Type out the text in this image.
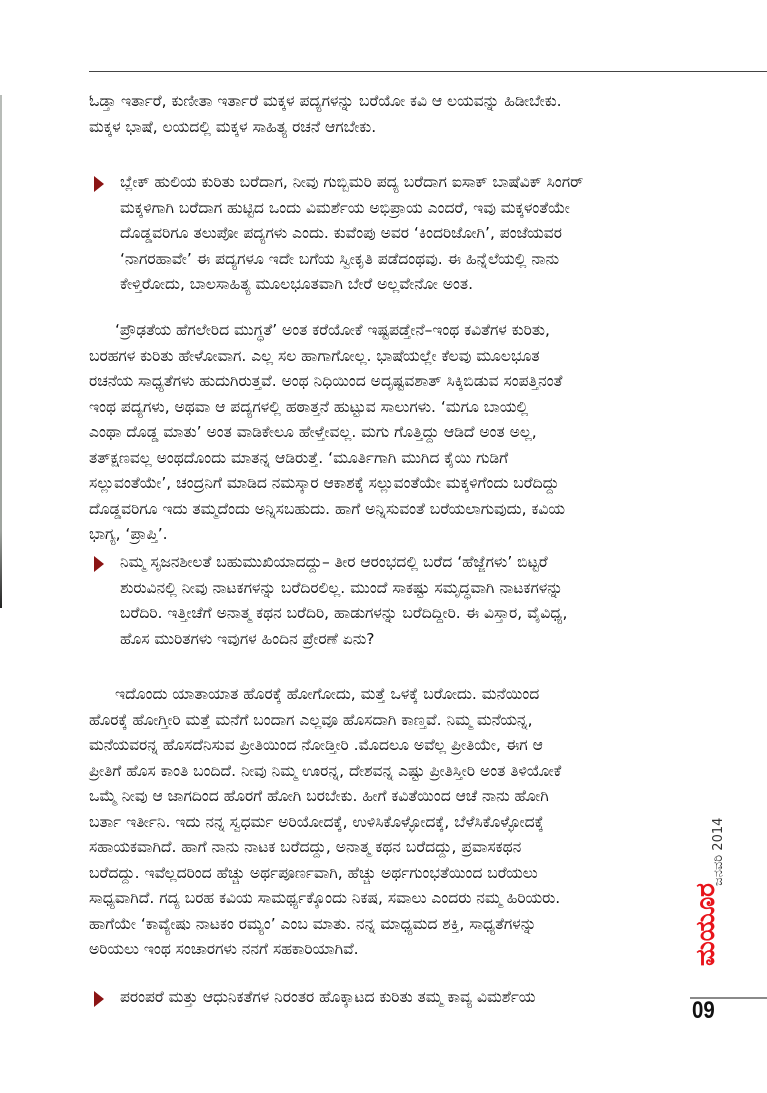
ಓಡ್ತಾ ಇರ್ತಾರೆ, ಕುಣೀತಾ ಇರ್ತಾರೆ ಮಕ್ಕಳ ಪದ್ಯಗಳನ್ನು ಬರೆಯೋ ಕವಿ ಆ ಲಯವನ್ನು ಹಿಡೀಬೇಕು.
ಮಕ್ಕಳ ಭಾಷೆ, ಲಯದಲ್ಲಿ ಮಕ್ಕಳ ಸಾಹಿತ್ಯ ರಚನೆ ಆಗಬೇಕು.

ಬ್ಲೇಕ್ ಹುಲಿಯ ಕುರಿತು ಬರೆದಾಗ, ನೀವು ಗುಬ್ಬಿಮರಿ ಪದ್ಯ ಬರೆದಾಗ ಐಸಾಕ್ ಬಾಷೆವಿಕ್ ಸಿಂಗರ್
ಮಕ್ಕಳಿಗಾಗಿ ಬರೆದಾಗ ಹುಟ್ಟಿದ ಒಂದು ವಿಮರ್ಶೆಯ ಅಭಿಪ್ರಾಯ ಎಂದರೆ, ಇವು ಮಕ್ಕಳಂತೆಯೇ
ದೊಡ್ಡವರಿಗೂ ತಲುಪೋ ಪದ್ಯಗಳು ಎಂದು. ಕುವೆಂಪು ಅವರ ‘ಕಿಂದರಿಜೋಗಿ’, ಪಂಜೆಯವರ
‘ನಾಗರಹಾವೇ’ ಈ ಪದ್ಯಗಳೂ ಇದೇ ಬಗೆಯ ಸ್ವೀಕೃತಿ ಪಡೆದಂಥವು. ಈ ಹಿನ್ನೆಲೆಯಲ್ಲಿ ನಾನು
ಕೇಳ್ತಿರೋದು, ಬಾಲಸಾಹಿತ್ಯ ಮೂಲಭೂತವಾಗಿ ಬೇರೆ ಅಲ್ಲವೇನೋ ಅಂತ.

‘ಪ್ರೌಢತೆಯ ಹೆಗಲೇರಿದ ಮುಗ್ಧತೆ’ ಅಂತ ಕರೆಯೋಕೆ ಇಷ್ಟಪಡ್ತೇನೆ–ಇಂಥ ಕವಿತೆಗಳ ಕುರಿತು,
ಬರಹಗಳ ಕುರಿತು ಹೇಳೋವಾಗ. ಎಲ್ಲ ಸಲ ಹಾಗಾಗೋಲ್ಲ. ಭಾಷೆಯಲ್ಲೇ ಕೆಲವು ಮೂಲಭೂತ
ರಚನೆಯ ಸಾಧ್ಯತೆಗಳು ಹುದುಗಿರುತ್ತವೆ. ಅಂಥ ನಿಧಿಯಿಂದ ಅದೃಷ್ಟವಶಾತ್ ಸಿಕ್ಕಿಬಿಡುವ ಸಂಪತ್ತಿನಂತೆ
ಇಂಥ ಪದ್ಯಗಳು, ಅಥವಾ ಆ ಪದ್ಯಗಳಲ್ಲಿ ಹಠಾತ್ತನೆ ಹುಟ್ಟುವ ಸಾಲುಗಳು. ‘ಮಗೂ ಬಾಯಲ್ಲಿ
ಎಂಥಾ ದೊಡ್ಡ ಮಾತು’ ಅಂತ ವಾಡಿಕೇಲೂ ಹೇಳ್ತೇವಲ್ಲ. ಮಗು ಗೊತ್ತಿದ್ದು ಆಡಿದೆ ಅಂತ ಅಲ್ಲ,
ತತ್‍ಕ್ಷಣವಲ್ಲ ಅಂಥದೊಂದು ಮಾತನ್ನ ಆಡಿರುತ್ತೆ. ‘ಮೂರ್ತಿಗಾಗಿ ಮುಗಿದ ಕೈಯಿ ಗುಡಿಗೆ
ಸಲ್ಲುವಂತೆಯೇ’, ಚಂದ್ರನಿಗೆ ಮಾಡಿದ ನಮಸ್ಕಾರ ಆಕಾಶಕ್ಕೆ ಸಲ್ಲುವಂತೆಯೇ ಮಕ್ಕಳಿಗೆಂದು ಬರೆದಿದ್ದು
ದೊಡ್ಡವರಿಗೂ ಇದು ತಮ್ಮದೆಂದು ಅನ್ನಿಸಬಹುದು. ಹಾಗೆ ಅನ್ನಿಸುವಂತೆ ಬರೆಯಲಾಗುವುದು, ಕವಿಯ
ಭಾಗ್ಯ, ‘ಪ್ರಾಪ್ತಿ’.

ನಿಮ್ಮ ಸೃಜನಶೀಲತೆ ಬಹುಮುಖಿಯಾದದ್ದು– ತೀರ ಆರಂಭದಲ್ಲಿ ಬರೆದ ‘ಹೆಜ್ಜೆಗಳು’ ಬಿಟ್ಟರೆ
ಶುರುವಿನಲ್ಲಿ ನೀವು ನಾಟಕಗಳನ್ನು ಬರೆದಿರಲಿಲ್ಲ. ಮುಂದೆ ಸಾಕಷ್ಟು ಸಮೃದ್ಧವಾಗಿ ನಾಟಕಗಳನ್ನು
ಬರೆದಿರಿ. ಇತ್ತೀಚೆಗೆ ಅನಾತ್ಮ ಕಥನ ಬರೆದಿರಿ, ಹಾಡುಗಳನ್ನು ಬರೆದಿದ್ದೀರಿ. ಈ ವಿಸ್ತಾರ, ವೈವಿಧ್ಯ,
ಹೊಸ ಮುರಿತಗಳು ಇವುಗಳ ಹಿಂದಿನ ಪ್ರೇರಣೆ ಏನು?

ಇದೊಂದು ಯಾತಾಯಾತ ಹೊರಕ್ಕೆ ಹೋಗೋದು, ಮತ್ತೆ ಒಳಕ್ಕೆ ಬರೋದು. ಮನೆಯಿಂದ
ಹೊರಕ್ಕೆ ಹೋಗ್ತೀರಿ ಮತ್ತೆ ಮನೆಗೆ ಬಂದಾಗ ಎಲ್ಲವೂ ಹೊಸದಾಗಿ ಕಾಣ್ತವೆ. ನಿಮ್ಮ ಮನೆಯನ್ನ,
ಮನೆಯವರನ್ನ ಹೊಸದೆನಿಸುವ ಪ್ರೀತಿಯಿಂದ ನೋಡ್ತೀರಿ .ಮೊದಲೂ ಅವೆಲ್ಲ ಪ್ರೀತಿಯೇ, ಈಗ ಆ
ಪ್ರೀತಿಗೆ ಹೊಸ ಕಾಂತಿ ಬಂದಿದೆ. ನೀವು ನಿಮ್ಮ ಊರನ್ನ, ದೇಶವನ್ನ ಎಷ್ಟು ಪ್ರೀತಿಸ್ತೀರಿ ಅಂತ ತಿಳಿಯೋಕೆ
ಒಮ್ಮೆ ನೀವು ಆ ಜಾಗದಿಂದ ಹೊರಗೆ ಹೋಗಿ ಬರಬೇಕು. ಹೀಗೆ ಕವಿತೆಯಿಂದ ಆಚೆ ನಾನು ಹೋಗಿ
ಬರ್ತಾ ಇರ್ತೀನಿ. ಇದು ನನ್ನ ಸ್ವಧರ್ಮ ಅರಿಯೋದಕ್ಕೆ, ಉಳಿಸಿಕೊಳ್ಳೋದಕ್ಕೆ, ಬೆಳೆಸಿಕೊಳ್ಳೋದಕ್ಕೆ
ಸಹಾಯಕವಾಗಿದೆ. ಹಾಗೆ ನಾನು ನಾಟಕ ಬರೆದದ್ದು, ಅನಾತ್ಮ ಕಥನ ಬರೆದದ್ದು, ಪ್ರವಾಸಕಥನ
ಬರೆದದ್ದು. ಇವೆಲ್ಲದರಿಂದ ಹೆಚ್ಚು ಅರ್ಥಪೂರ್ಣವಾಗಿ, ಹೆಚ್ಚು ಅರ್ಥಗುಂಭತೆಯಿಂದ ಬರೆಯಲು
ಸಾಧ್ಯವಾಗಿದೆ. ಗದ್ಯ ಬರಹ ಕವಿಯ ಸಾಮರ್ಥ್ಯಕ್ಕೊಂದು ನಿಕಷ, ಸವಾಲು ಎಂದರು ನಮ್ಮ ಹಿರಿಯರು.
ಹಾಗೆಯೇ ‘ಕಾವ್ಯೇಷು ನಾಟಕಂ ರಮ್ಯಂ’ ಎಂಬ ಮಾತು. ನನ್ನ ಮಾಧ್ಯಮದ ಶಕ್ತಿ, ಸಾಧ್ಯತೆಗಳನ್ನು
ಅರಿಯಲು ಇಂಥ ಸಂಚಾರಗಳು ನನಗೆ ಸಹಕಾರಿಯಾಗಿವೆ.

ಪರಂಪರೆ ಮತ್ತು ಆಧುನಿಕತೆಗಳ ನಿರಂತರ ಹೊಕ್ಕಾಟದ ಕುರಿತು ತಮ್ಮ ಕಾವ್ಯ ವಿಮರ್ಶೆಯ
ಜನವರಿ 2014
ಮಯೂರ
09
